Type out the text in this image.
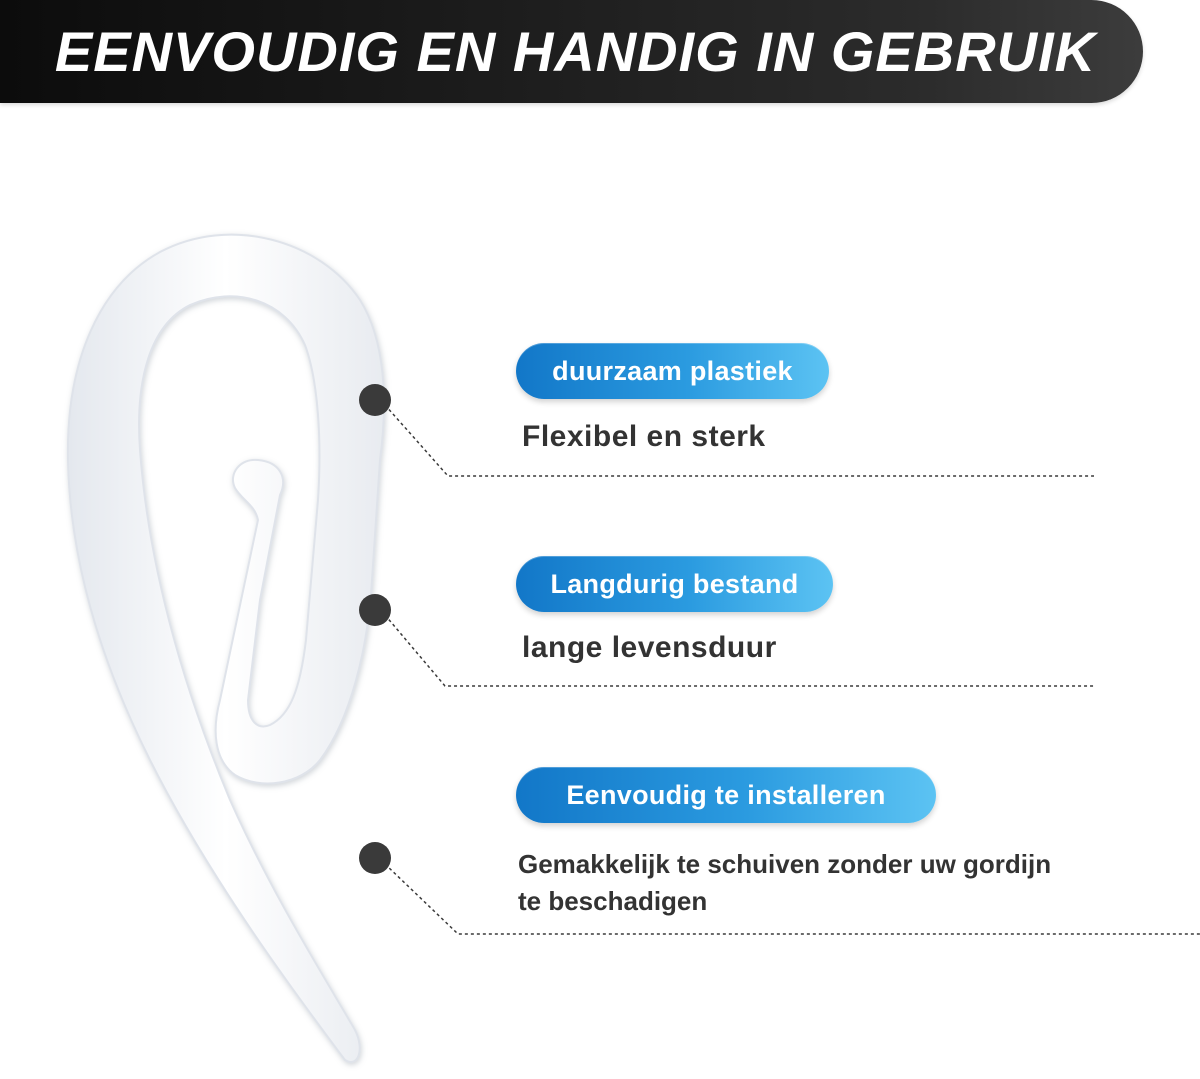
EENVOUDIG EN HANDIG IN GEBRUIK
duurzaam plastiek
Flexibel en sterk
Langdurig bestand
lange levensduur
Eenvoudig te installeren
Gemakkelijk te schuiven zonder uw gordijn
te beschadigen
